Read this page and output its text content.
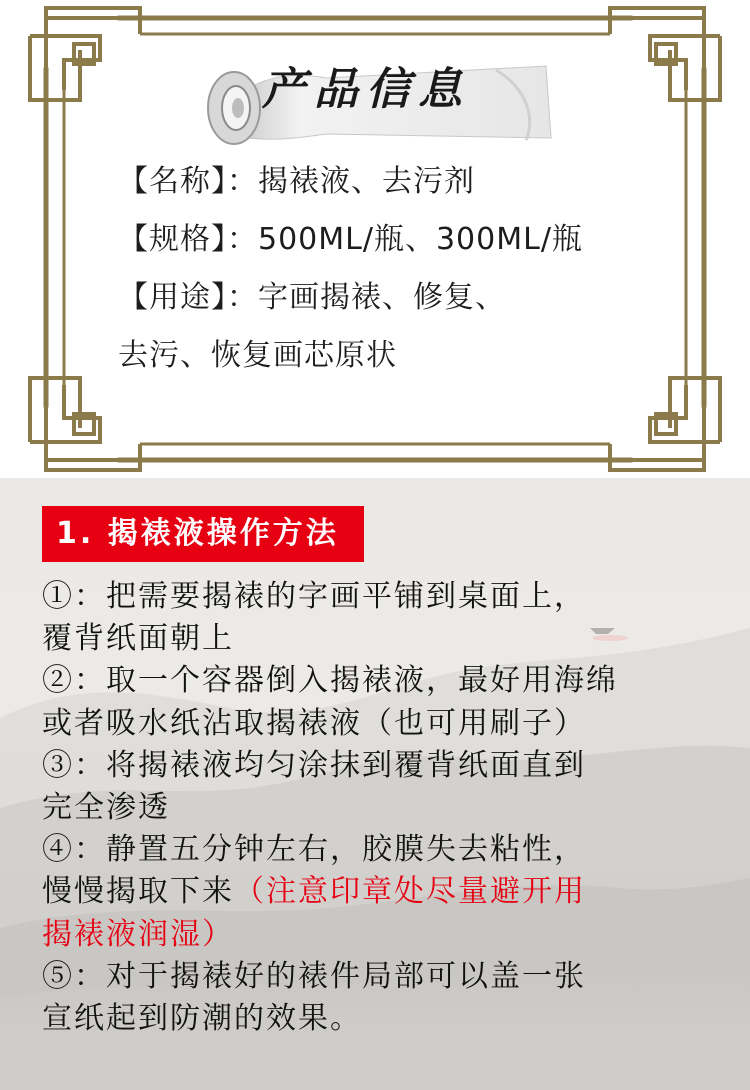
产品信息
【名称】：揭裱液、去污剂
【规格】：500ML/瓶、300ML/瓶
【用途】：字画揭裱、修复、
去污、恢复画芯原状
1. 揭裱液操作方法
①：把需要揭裱的字画平铺到桌面上，
覆背纸面朝上
②：取一个容器倒入揭裱液，最好用海绵
或者吸水纸沾取揭裱液（也可用刷子）
③：将揭裱液均匀涂抹到覆背纸面直到
完全渗透
④：静置五分钟左右，胶膜失去粘性，
慢慢揭取下来（注意印章处尽量避开用
揭裱液润湿）
⑤：对于揭裱好的裱件局部可以盖一张
宣纸起到防潮的效果。
